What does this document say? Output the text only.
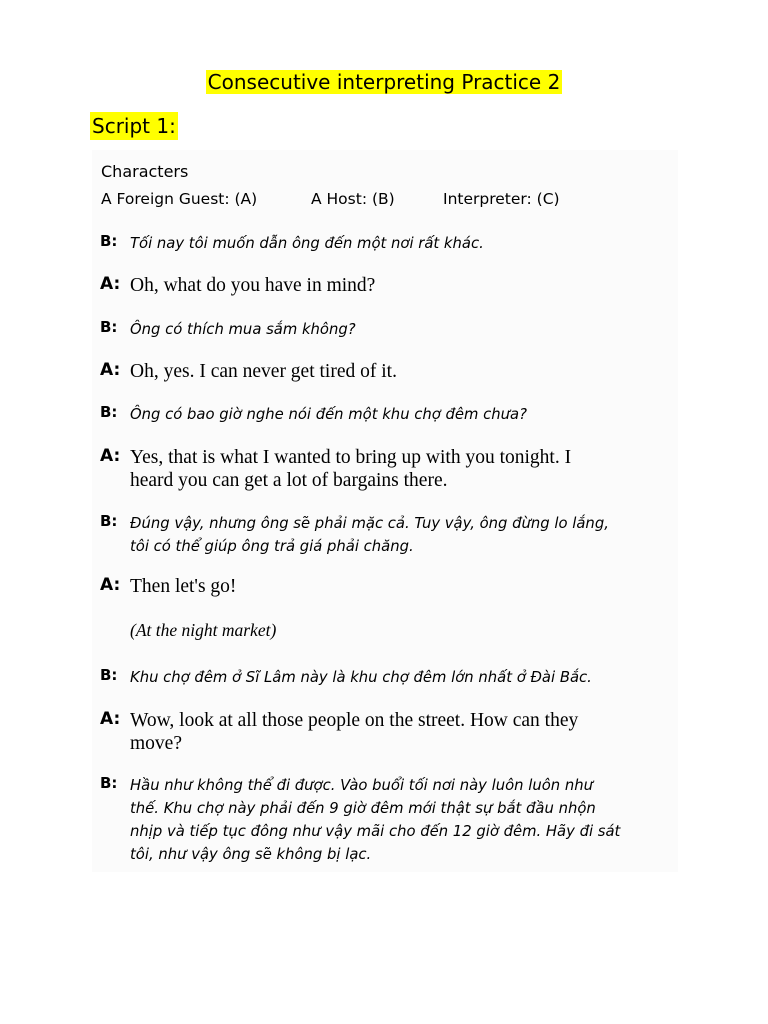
Consecutive interpreting Practice 2
Script 1:
Characters
A Foreign Guest: (A)	A Host: (B)	Interpreter: (C)
B: Tối nay tôi muốn dẫn ông đến một nơi rất khác.
A: Oh, what do you have in mind?
B: Ông có thích mua sắm không?
A: Oh, yes. I can never get tired of it.
B: Ông có bao giờ nghe nói đến một khu chợ đêm chưa?
A: Yes, that is what I wanted to bring up with you tonight. I
heard you can get a lot of bargains there.
B: Đúng vậy, nhưng ông sẽ phải mặc cả. Tuy vậy, ông đừng lo lắng,
tôi có thể giúp ông trả giá phải chăng.
A: Then let's go!
(At the night market)
B: Khu chợ đêm ở Sĩ Lâm này là khu chợ đêm lớn nhất ở Đài Bắc.
A: Wow, look at all those people on the street. How can they
move?
B: Hầu như không thể đi được. Vào buổi tối nơi này luôn luôn như
thế. Khu chợ này phải đến 9 giờ đêm mới thật sự bắt đầu nhộn
nhịp và tiếp tục đông như vậy mãi cho đến 12 giờ đêm. Hãy đi sát
tôi, như vậy ông sẽ không bị lạc.
